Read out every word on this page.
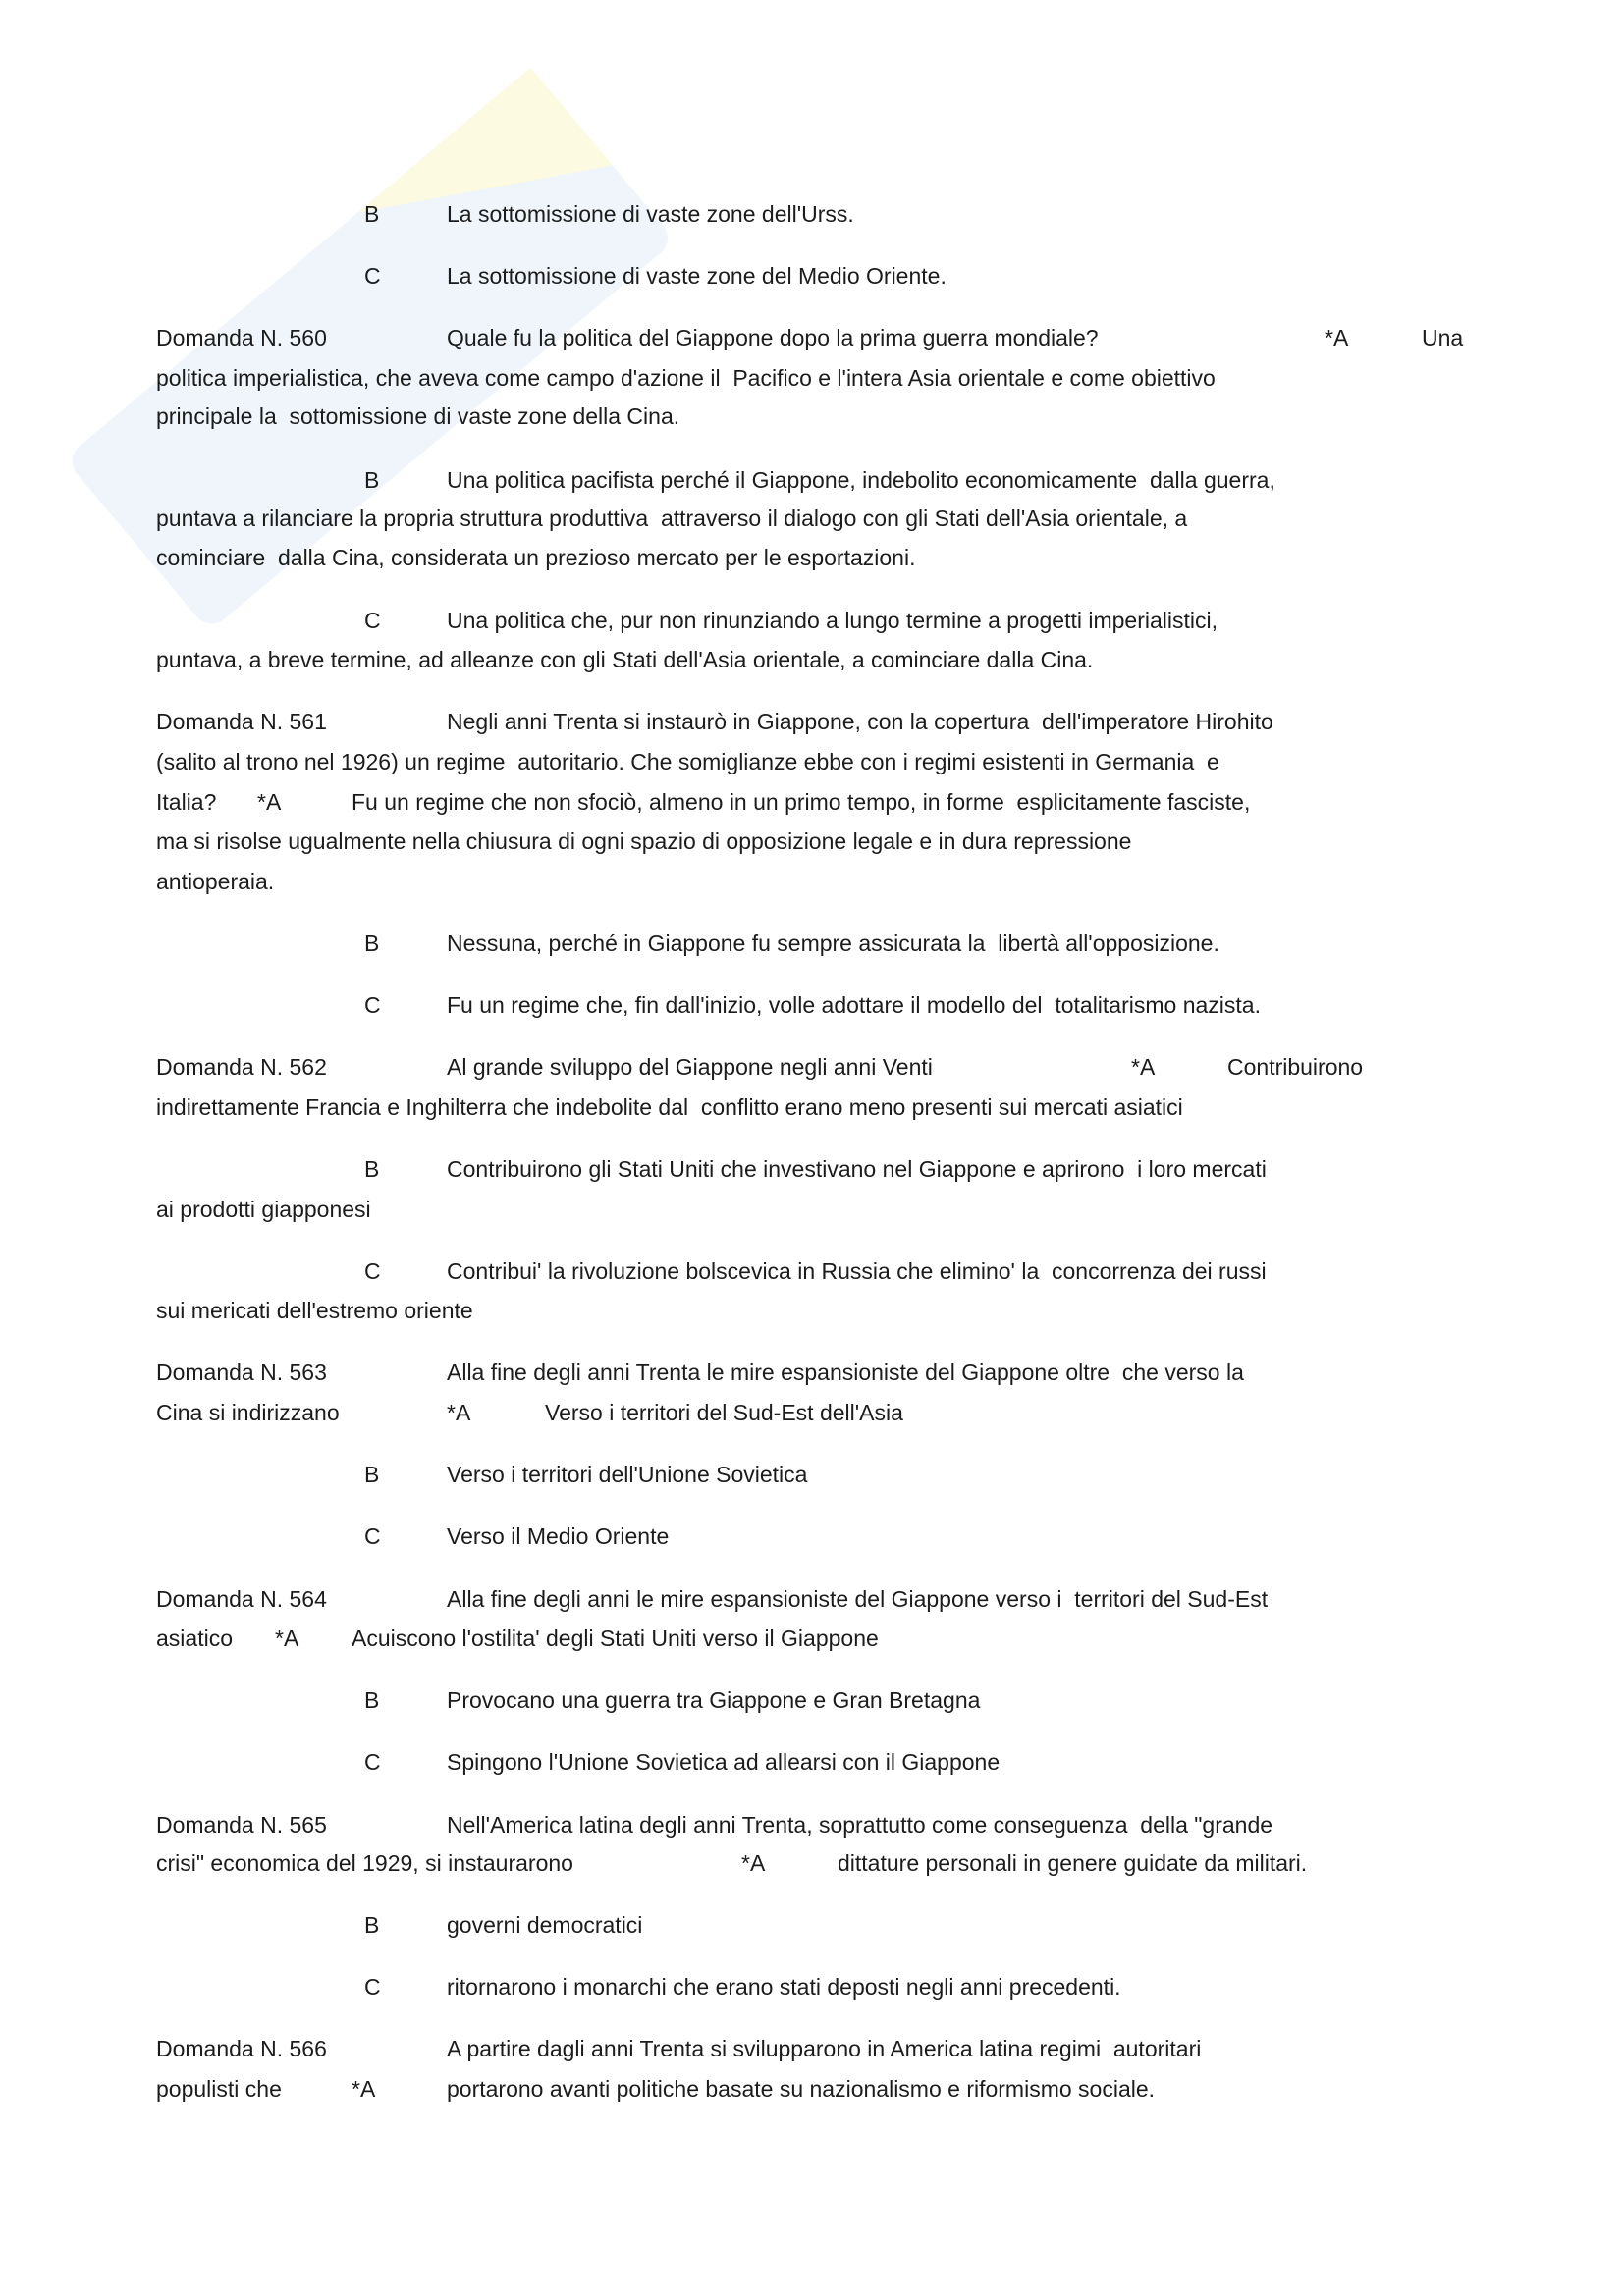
B	La sottomissione di vaste zone dell'Urss.
C	La sottomissione di vaste zone del Medio Oriente.
Domanda N. 560	Quale fu la politica del Giappone dopo la prima guerra mondiale?	*A	Una
politica imperialistica, che aveva come campo d'azione il  Pacifico e l'intera Asia orientale e come obiettivo
principale la  sottomissione di vaste zone della Cina.
B	Una politica pacifista perché il Giappone, indebolito economicamente  dalla guerra,
puntava a rilanciare la propria struttura produttiva  attraverso il dialogo con gli Stati dell'Asia orientale, a
cominciare  dalla Cina, considerata un prezioso mercato per le esportazioni.
C	Una politica che, pur non rinunziando a lungo termine a progetti imperialistici,
puntava, a breve termine, ad alleanze con gli Stati dell'Asia orientale, a cominciare dalla Cina.
Domanda N. 561	Negli anni Trenta si instaurò in Giappone, con la copertura  dell'imperatore Hirohito
(salito al trono nel 1926) un regime  autoritario. Che somiglianze ebbe con i regimi esistenti in Germania  e
Italia? *A	Fu un regime che non sfociò, almeno in un primo tempo, in forme  esplicitamente fasciste,
ma si risolse ugualmente nella chiusura di ogni spazio di opposizione legale e in dura repressione
antioperaia.
B	Nessuna, perché in Giappone fu sempre assicurata la  libertà all'opposizione.
C	Fu un regime che, fin dall'inizio, volle adottare il modello del  totalitarismo nazista.
Domanda N. 562	Al grande sviluppo del Giappone negli anni Venti	*A	Contribuirono
indirettamente Francia e Inghilterra che indebolite dal  conflitto erano meno presenti sui mercati asiatici
B	Contribuirono gli Stati Uniti che investivano nel Giappone e aprirono  i loro mercati
ai prodotti giapponesi
C	Contribui' la rivoluzione bolscevica in Russia che elimino' la  concorrenza dei russi
sui mericati dell'estremo oriente
Domanda N. 563	Alla fine degli anni Trenta le mire espansioniste del Giappone oltre  che verso la
Cina si indirizzano	*A	Verso i territori del Sud-Est dell'Asia
B	Verso i territori dell'Unione Sovietica
C	Verso il Medio Oriente
Domanda N. 564	Alla fine degli anni le mire espansioniste del Giappone verso i  territori del Sud-Est
asiatico *A Acuiscono l'ostilita' degli Stati Uniti verso il Giappone
B	Provocano una guerra tra Giappone e Gran Bretagna
C	Spingono l'Unione Sovietica ad allearsi con il Giappone
Domanda N. 565	Nell'America latina degli anni Trenta, soprattutto come conseguenza  della "grande
crisi" economica del 1929, si instaurarono	*A	dittature personali in genere guidate da militari.
B	governi democratici
C	ritornarono i monarchi che erano stati deposti negli anni precedenti.
Domanda N. 566	A partire dagli anni Trenta si svilupparono in America latina regimi  autoritari
populisti che	*A	portarono avanti politiche basate su nazionalismo e riformismo sociale.
